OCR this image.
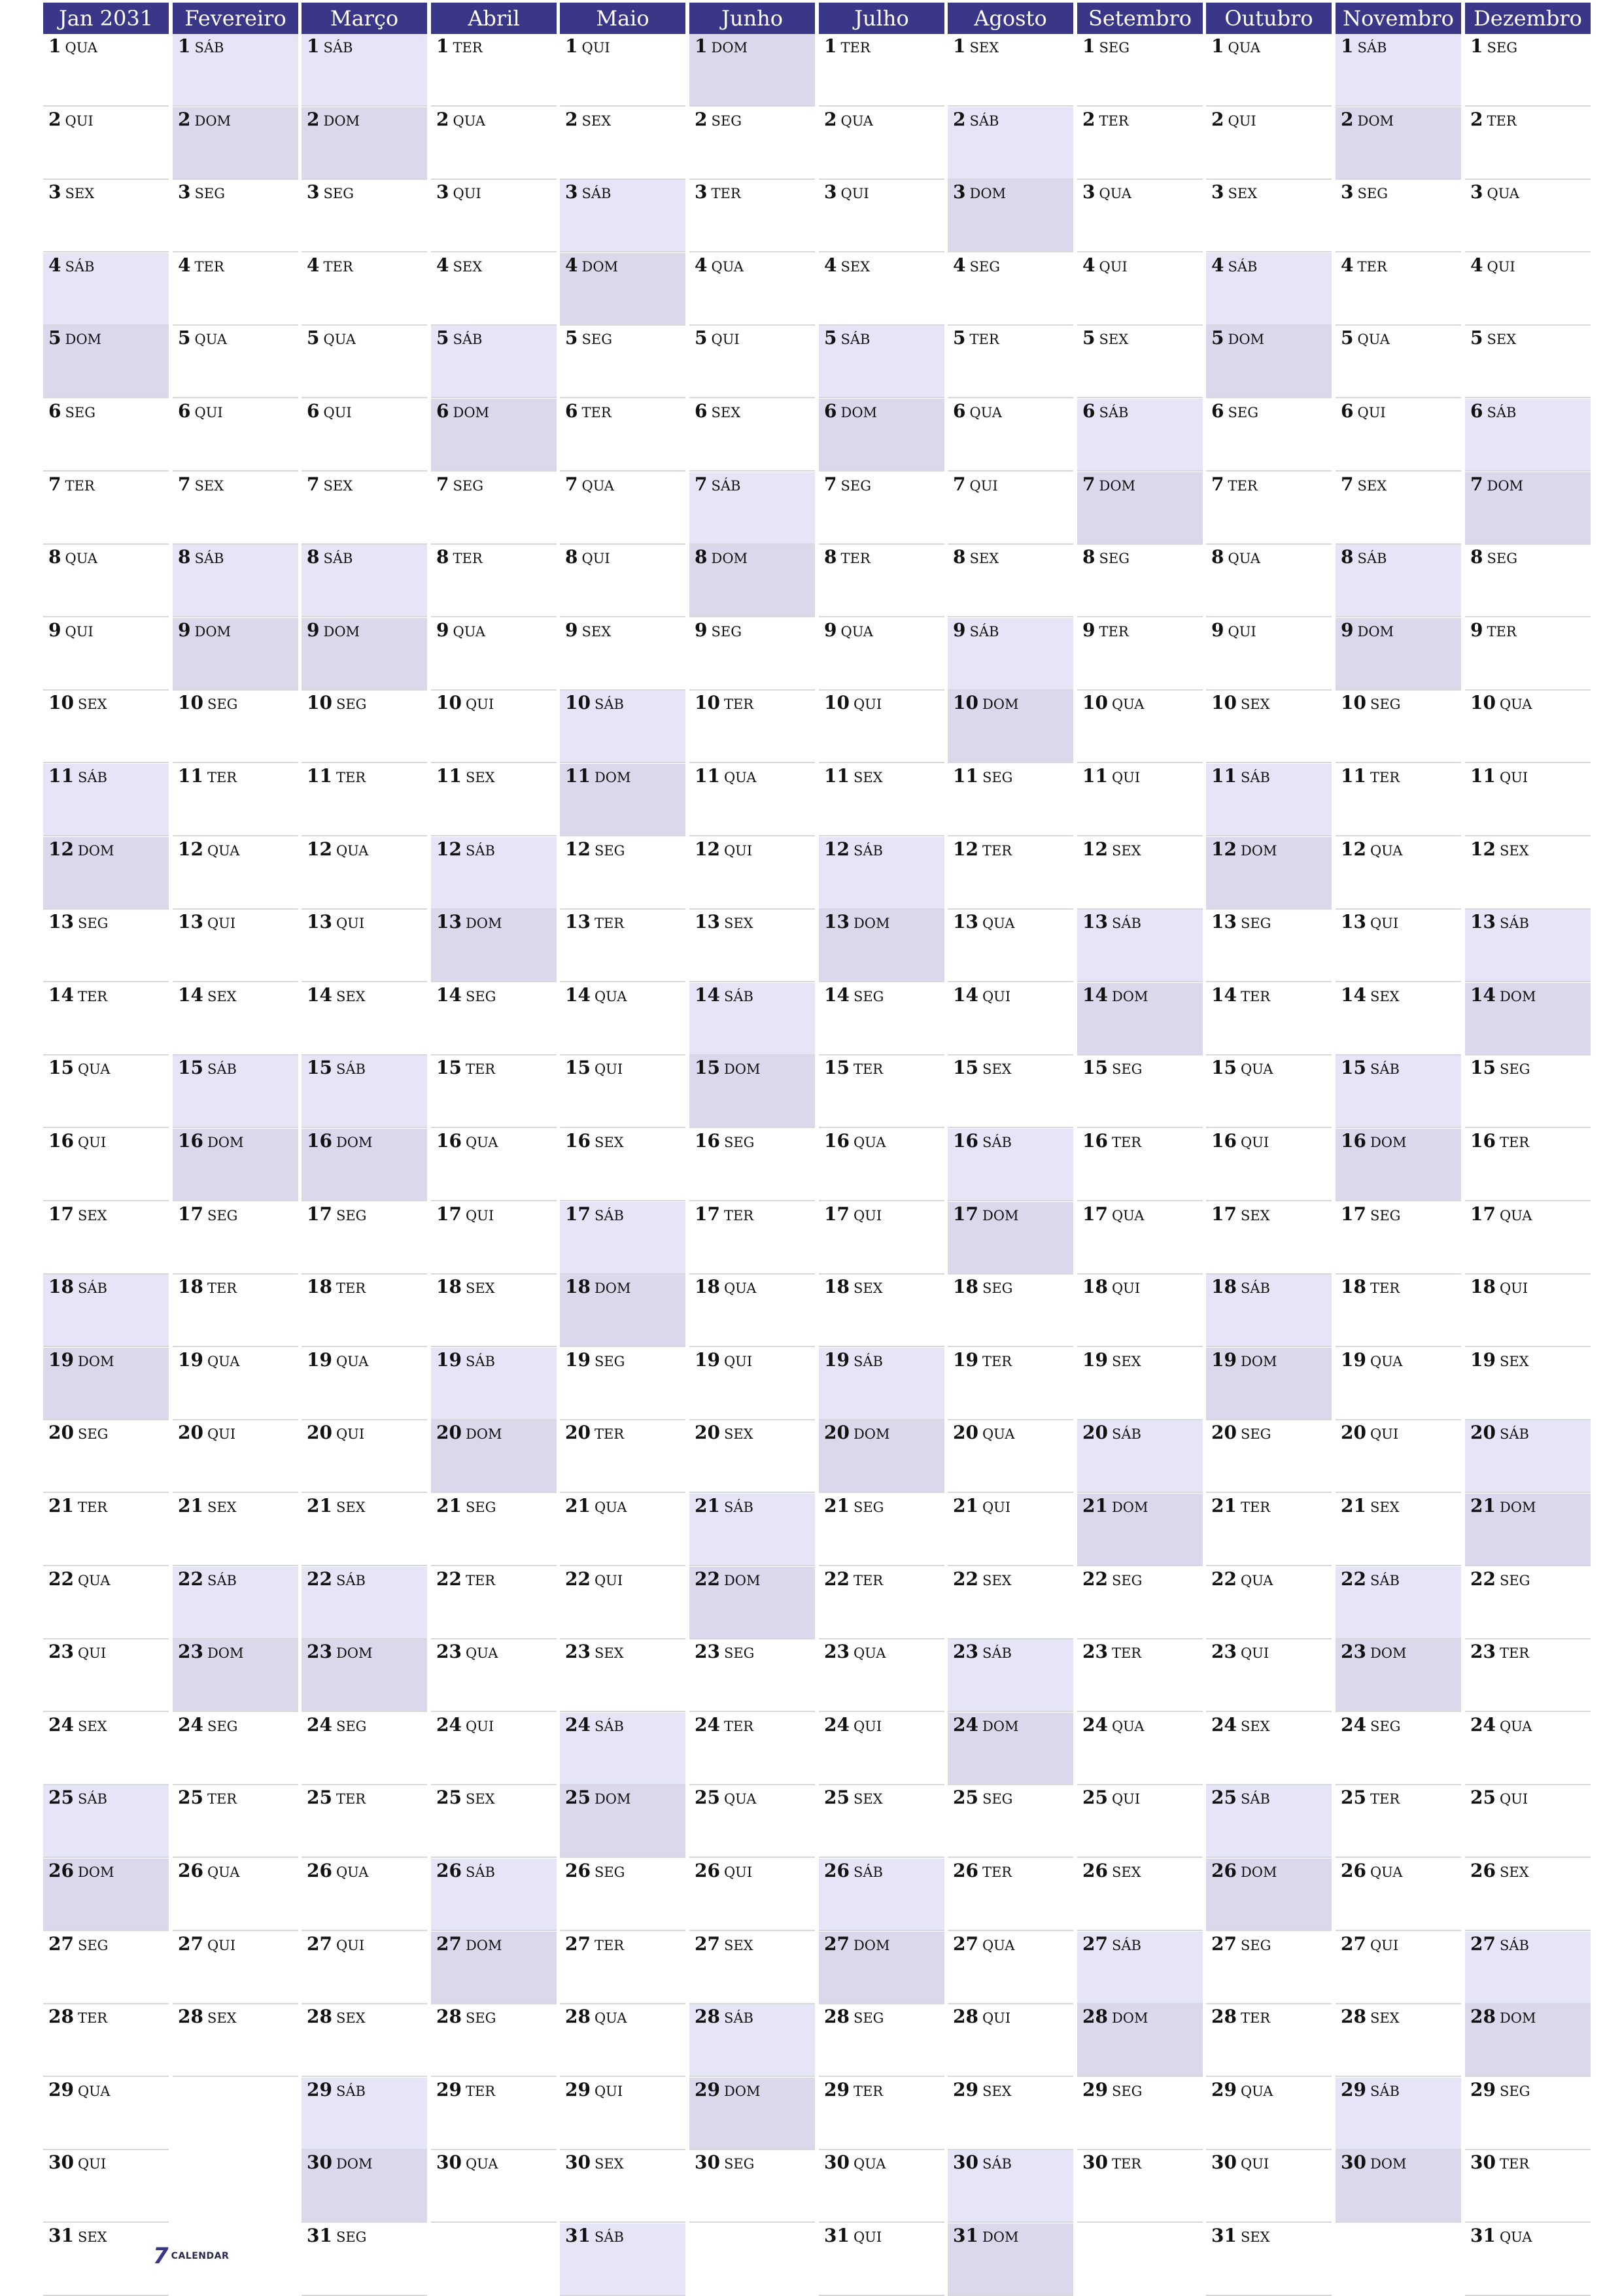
Jan 2031
1 QUA
2 QUI
3 SEX
4 SÁB
5 DOM
6 SEG
7 TER
8 QUA
9 QUI
10 SEX
11 SÁB
12 DOM
13 SEG
14 TER
15 QUA
16 QUI
17 SEX
18 SÁB
19 DOM
20 SEG
21 TER
22 QUA
23 QUI
24 SEX
25 SÁB
26 DOM
27 SEG
28 TER
29 QUA
30 QUI
31 SEX
Fevereiro
1 SÁB
2 DOM
3 SEG
4 TER
5 QUA
6 QUI
7 SEX
8 SÁB
9 DOM
10 SEG
11 TER
12 QUA
13 QUI
14 SEX
15 SÁB
16 DOM
17 SEG
18 TER
19 QUA
20 QUI
21 SEX
22 SÁB
23 DOM
24 SEG
25 TER
26 QUA
27 QUI
28 SEX
Março
1 SÁB
2 DOM
3 SEG
4 TER
5 QUA
6 QUI
7 SEX
8 SÁB
9 DOM
10 SEG
11 TER
12 QUA
13 QUI
14 SEX
15 SÁB
16 DOM
17 SEG
18 TER
19 QUA
20 QUI
21 SEX
22 SÁB
23 DOM
24 SEG
25 TER
26 QUA
27 QUI
28 SEX
29 SÁB
30 DOM
31 SEG
Abril
1 TER
2 QUA
3 QUI
4 SEX
5 SÁB
6 DOM
7 SEG
8 TER
9 QUA
10 QUI
11 SEX
12 SÁB
13 DOM
14 SEG
15 TER
16 QUA
17 QUI
18 SEX
19 SÁB
20 DOM
21 SEG
22 TER
23 QUA
24 QUI
25 SEX
26 SÁB
27 DOM
28 SEG
29 TER
30 QUA
Maio
1 QUI
2 SEX
3 SÁB
4 DOM
5 SEG
6 TER
7 QUA
8 QUI
9 SEX
10 SÁB
11 DOM
12 SEG
13 TER
14 QUA
15 QUI
16 SEX
17 SÁB
18 DOM
19 SEG
20 TER
21 QUA
22 QUI
23 SEX
24 SÁB
25 DOM
26 SEG
27 TER
28 QUA
29 QUI
30 SEX
31 SÁB
Junho
1 DOM
2 SEG
3 TER
4 QUA
5 QUI
6 SEX
7 SÁB
8 DOM
9 SEG
10 TER
11 QUA
12 QUI
13 SEX
14 SÁB
15 DOM
16 SEG
17 TER
18 QUA
19 QUI
20 SEX
21 SÁB
22 DOM
23 SEG
24 TER
25 QUA
26 QUI
27 SEX
28 SÁB
29 DOM
30 SEG
Julho
1 TER
2 QUA
3 QUI
4 SEX
5 SÁB
6 DOM
7 SEG
8 TER
9 QUA
10 QUI
11 SEX
12 SÁB
13 DOM
14 SEG
15 TER
16 QUA
17 QUI
18 SEX
19 SÁB
20 DOM
21 SEG
22 TER
23 QUA
24 QUI
25 SEX
26 SÁB
27 DOM
28 SEG
29 TER
30 QUA
31 QUI
Agosto
1 SEX
2 SÁB
3 DOM
4 SEG
5 TER
6 QUA
7 QUI
8 SEX
9 SÁB
10 DOM
11 SEG
12 TER
13 QUA
14 QUI
15 SEX
16 SÁB
17 DOM
18 SEG
19 TER
20 QUA
21 QUI
22 SEX
23 SÁB
24 DOM
25 SEG
26 TER
27 QUA
28 QUI
29 SEX
30 SÁB
31 DOM
Setembro
1 SEG
2 TER
3 QUA
4 QUI
5 SEX
6 SÁB
7 DOM
8 SEG
9 TER
10 QUA
11 QUI
12 SEX
13 SÁB
14 DOM
15 SEG
16 TER
17 QUA
18 QUI
19 SEX
20 SÁB
21 DOM
22 SEG
23 TER
24 QUA
25 QUI
26 SEX
27 SÁB
28 DOM
29 SEG
30 TER
Outubro
1 QUA
2 QUI
3 SEX
4 SÁB
5 DOM
6 SEG
7 TER
8 QUA
9 QUI
10 SEX
11 SÁB
12 DOM
13 SEG
14 TER
15 QUA
16 QUI
17 SEX
18 SÁB
19 DOM
20 SEG
21 TER
22 QUA
23 QUI
24 SEX
25 SÁB
26 DOM
27 SEG
28 TER
29 QUA
30 QUI
31 SEX
Novembro
1 SÁB
2 DOM
3 SEG
4 TER
5 QUA
6 QUI
7 SEX
8 SÁB
9 DOM
10 SEG
11 TER
12 QUA
13 QUI
14 SEX
15 SÁB
16 DOM
17 SEG
18 TER
19 QUA
20 QUI
21 SEX
22 SÁB
23 DOM
24 SEG
25 TER
26 QUA
27 QUI
28 SEX
29 SÁB
30 DOM
Dezembro
1 SEG
2 TER
3 QUA
4 QUI
5 SEX
6 SÁB
7 DOM
8 SEG
9 TER
10 QUA
11 QUI
12 SEX
13 SÁB
14 DOM
15 SEG
16 TER
17 QUA
18 QUI
19 SEX
20 SÁB
21 DOM
22 SEG
23 TER
24 QUA
25 QUI
26 SEX
27 SÁB
28 DOM
29 SEG
30 TER
31 QUA
7 CALENDAR
